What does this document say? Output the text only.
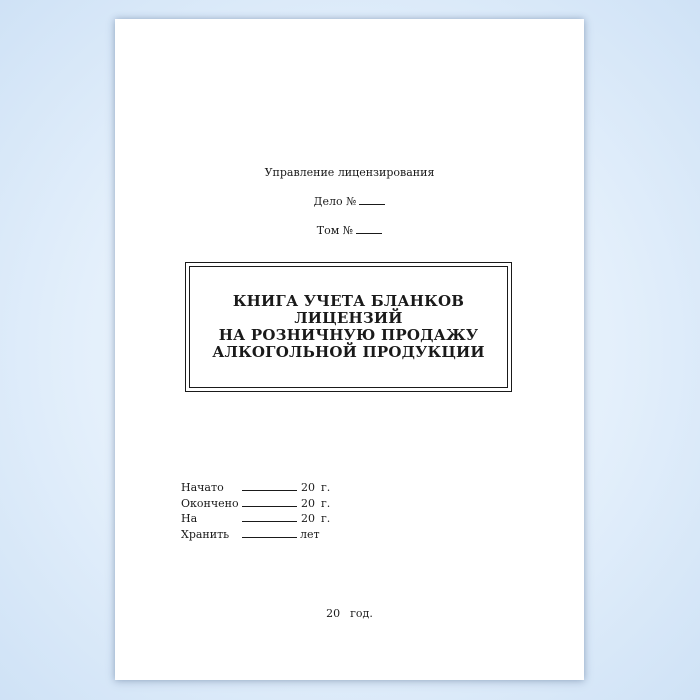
Управление лицензирования
Дело №
Том №
КНИГА УЧЕТА БЛАНКОВ
ЛИЦЕНЗИЙ
НА РОЗНИЧНУЮ ПРОДАЖУ
АЛКОГОЛЬНОЙ ПРОДУКЦИИ
Начато	20 г.
Окончено	20 г.
На	20 г.
Хранить	лет
20 год.
